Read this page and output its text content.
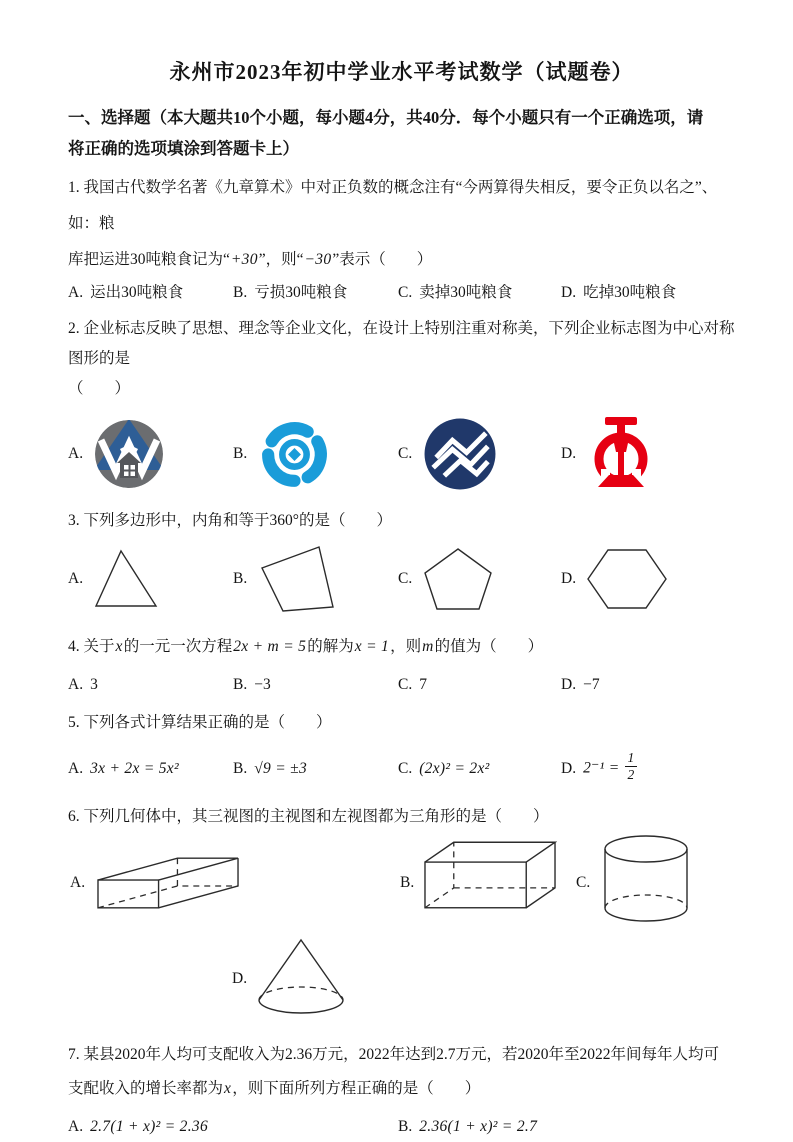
永州市2023年初中学业水平考试数学（试题卷）
一、选择题（本大题共10个小题，每小题4分，共40分．每个小题只有一个正确选项，请
将正确的选项填涂到答题卡上）
1. 我国古代数学名著《九章算术》中对正负数的概念注有“今两算得失相反，要令正负以名之”、如：粮
库把运进30吨粮食记为“+30”，则“−30”表示（　　）
A. 运出30吨粮食	B. 亏损30吨粮食	C. 卖掉30吨粮食	D. 吃掉30吨粮食
2. 企业标志反映了思想、理念等企业文化，在设计上特别注重对称美，下列企业标志图为中心对称图形的是
（　　）
A.	B.	C.	D.
3. 下列多边形中，内角和等于360°的是（　　）
A.	B.	C.	D.
4. 关于x的一元一次方程2x + m = 5的解为x = 1，则m的值为（　　）
A. 3	B. −3	C. 7	D. −7
5. 下列各式计算结果正确的是（　　）
A. 3x + 2x = 5x²	B. √9 = ±3	C. (2x)² = 2x²	D. $2^{-1} = \frac{1}{2}$
6. 下列几何体中，其三视图的主视图和左视图都为三角形的是（　　）
A.	B.	C.
D.
7. 某县2020年人均可支配收入为2.36万元，2022年达到2.7万元，若2020年至2022年间每年人均可
支配收入的增长率都为x，则下面所列方程正确的是（　　）
A. 2.7(1 + x)² = 2.36	B. 2.36(1 + x)² = 2.7
